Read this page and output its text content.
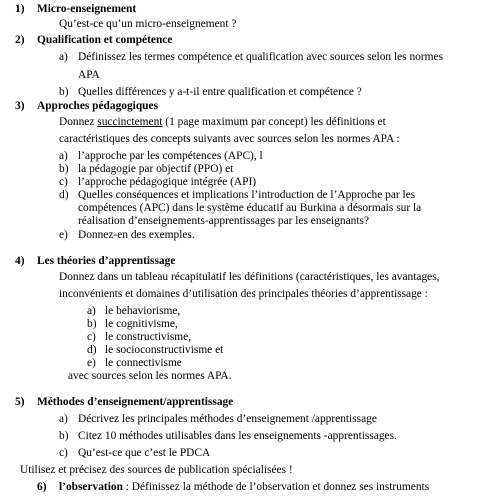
1) Micro-enseignement
Qu’est-ce qu’un micro-enseignement ?
2) Qualification et compétence
a) Définissez les termes compétence et qualification avec sources selon les normes
APA
b) Quelles différences y a-t-il entre qualification et compétence ?
3) Approches pédagogiques
Donnez succinctement (1 page maximum par concept) les définitions et
caractéristiques des concepts suivants avec sources selon les normes APA :
a) l’approche par les compétences (APC), l
b) la pédagogie par objectif (PPO) et
c) l’approche pédagogique intégrée (API)
d) Quelles conséquences et implications l’introduction de l’Approche par les
compétences (APC) dans le système éducatif au Burkina a désormais sur la
réalisation d’enseignements-apprentissages par les enseignants?
e) Donnez-en des exemples.
4) Les théories d’apprentissage
Donnez dans un tableau récapitulatif les définitions (caractéristiques, les avantages,
inconvénients et domaines d’utilisation des principales théories d’apprentissage :
a) le behaviorisme,
b) le cognitivisme,
c) le constructivisme,
d) le socioconstructivisme et
e) le connectivisme
avec sources selon les normes APA.
5) Méthodes d’enseignement/apprentissage
a) Décrivez les principales méthodes d’enseignement /apprentissage
b) Citez 10 méthodes utilisables dans les enseignements -apprentissages.
c) Qu’est-ce que c’est le PDCA
Utilisez et précisez des sources de publication spécialisées !
6) l’observation : Définissez la méthode de l’observation et donnez ses instruments
